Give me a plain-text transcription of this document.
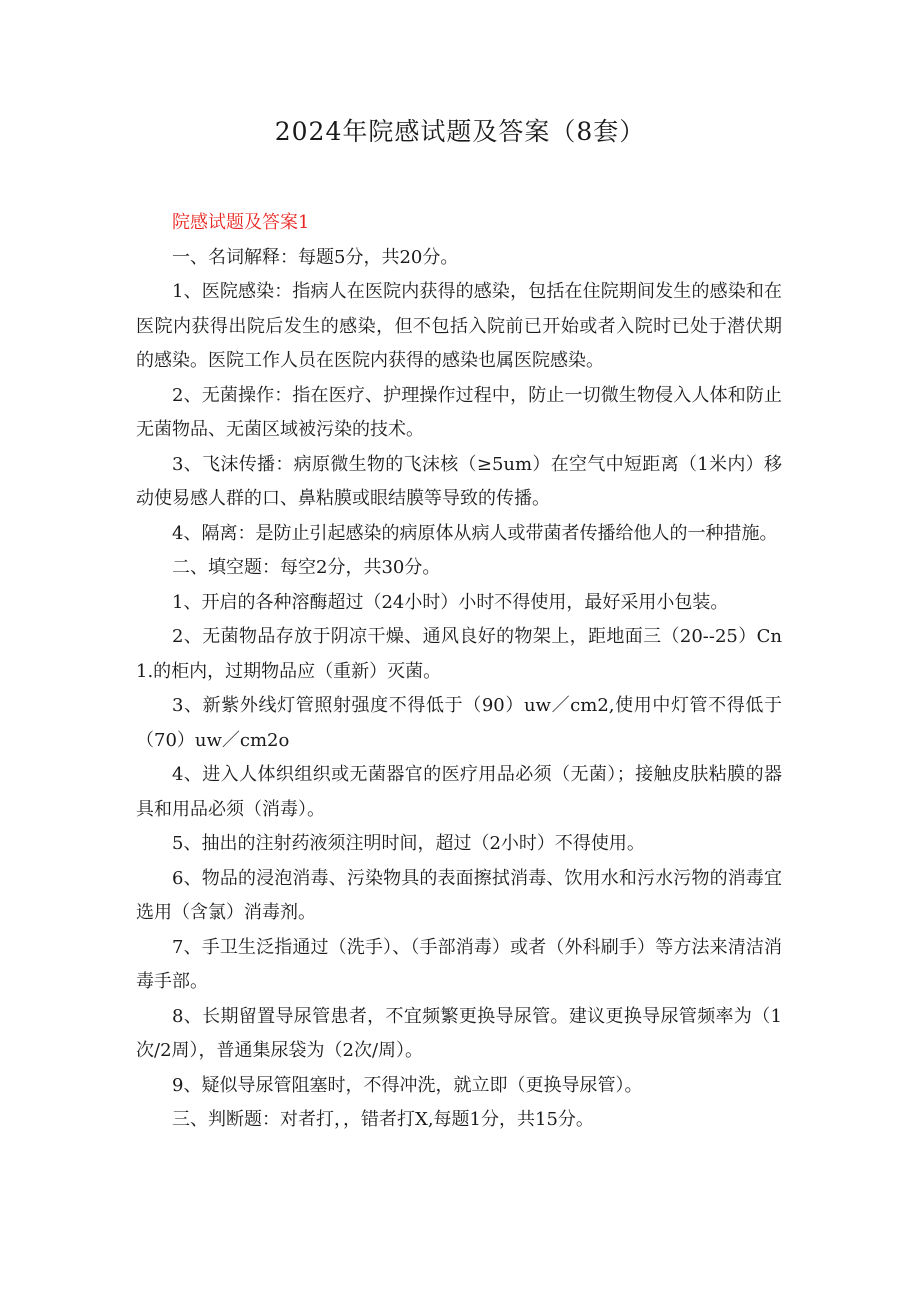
2024年院感试题及答案（8套）

院感试题及答案1

一、名词解释：每题5分，共20分。

1、医院感染：指病人在医院内获得的感染，包括在住院期间发生的感染和在医院内获得出院后发生的感染，但不包括入院前已开始或者入院时已处于潜伏期的感染。医院工作人员在医院内获得的感染也属医院感染。

2、无菌操作：指在医疗、护理操作过程中，防止一切微生物侵入人体和防止无菌物品、无菌区域被污染的技术。

3、飞沫传播：病原微生物的飞沫核（≥5um）在空气中短距离（1米内）移动使易感人群的口、鼻粘膜或眼结膜等导致的传播。

4、隔离：是防止引起感染的病原体从病人或带菌者传播给他人的一种措施。

二、填空题：每空2分，共30分。

1、开启的各种溶酶超过（24小时）小时不得使用，最好采用小包装。

2、无菌物品存放于阴凉干燥、通风良好的物架上，距地面三（20--25）Cn1.的柜内，过期物品应（重新）灭菌。

3、新紫外线灯管照射强度不得低于（90）uw／cm2,使用中灯管不得低于（70）uw／cm2o

4、进入人体织组织或无菌器官的医疗用品必须（无菌）；接触皮肤粘膜的器具和用品必须（消毒）。

5、抽出的注射药液须注明时间，超过（2小时）不得使用。

6、物品的浸泡消毒、污染物具的表面擦拭消毒、饮用水和污水污物的消毒宜选用（含氯）消毒剂。

7、手卫生泛指通过（洗手）、（手部消毒）或者（外科刷手）等方法来清洁消毒手部。

8、长期留置导尿管患者，不宜频繁更换导尿管。建议更换导尿管频率为（1次/2周），普通集尿袋为（2次/周）。

9、疑似导尿管阻塞时，不得冲洗，就立即（更换导尿管）。

三、判断题：对者打，，错者打X,每题1分，共15分。
